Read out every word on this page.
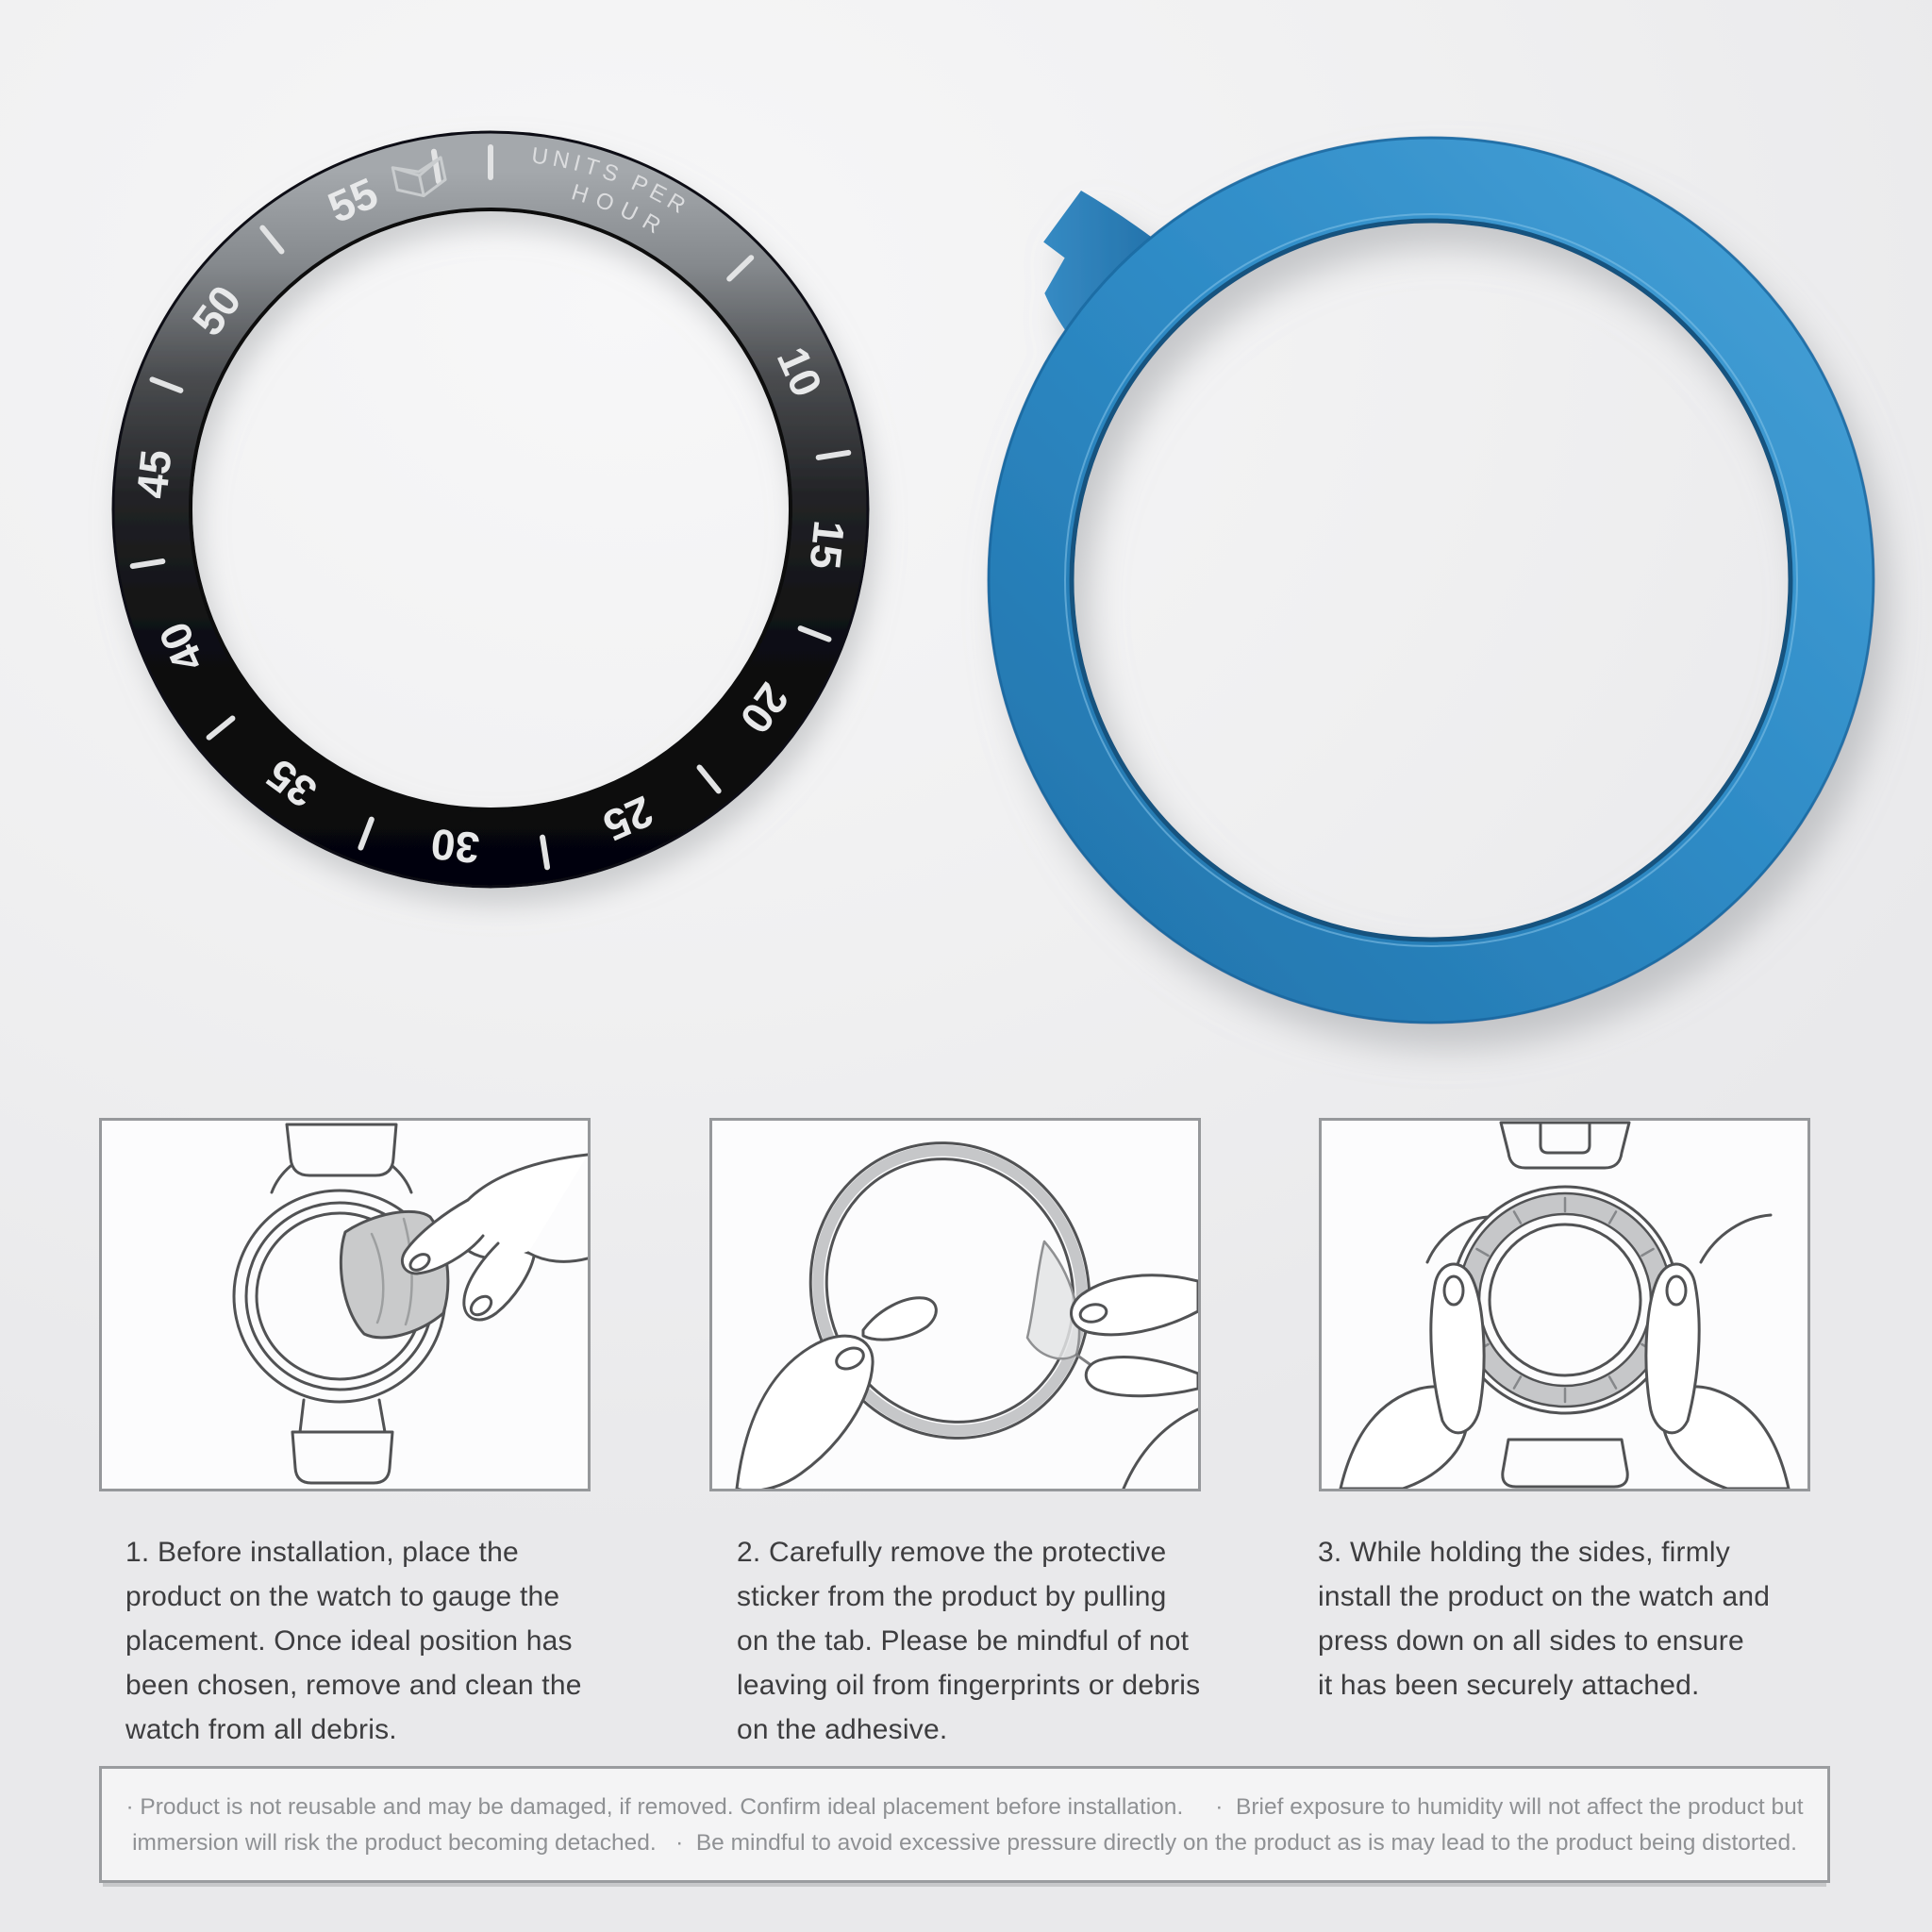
10
15
20
25
30
35
40
45
50
55
UNITS PER
HOUR
1. Before installation, place the
product on the watch to gauge the
placement. Once ideal position has
been chosen, remove and clean the
watch from all debris.
2. Carefully remove the protective
sticker from the product by pulling
on the tab. Please be mindful of not
leaving oil from fingerprints or debris
on the adhesive.
3. While holding the sides, firmly
install the product on the watch and
press down on all sides to ensure
it has been securely attached.
· Product is not reusable and may be damaged, if removed. Confirm ideal placement before installation.     ·  Brief exposure to humidity will not affect the product but
immersion will risk the product becoming detached.   ·  Be mindful to avoid excessive pressure directly on the product as is may lead to the product being distorted.
